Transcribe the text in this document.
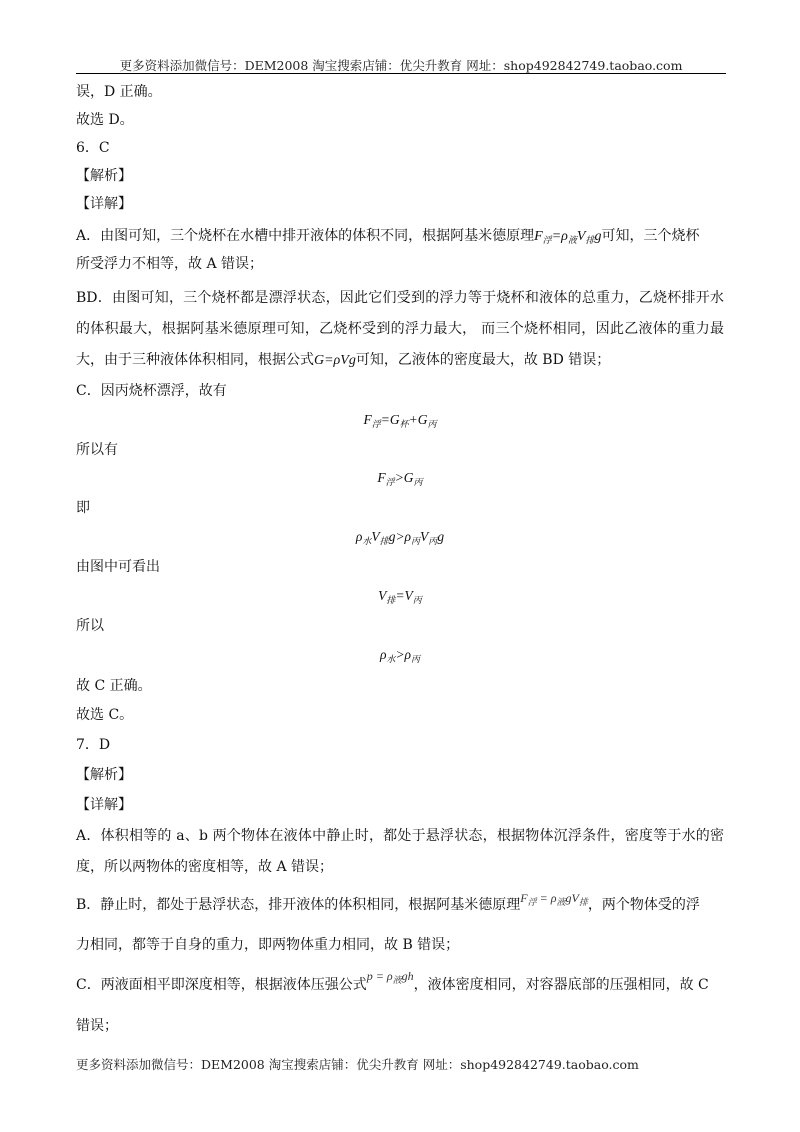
更多资料添加微信号：DEM2008 淘宝搜索店铺：优尖升教育 网址：shop492842749.taobao.com
误，D 正确。
故选 D。
6．C
【解析】
【详解】
A．由图可知，三个烧杯在水槽中排开液体的体积不同，根据阿基米德原理$F_浮=\rho_液V_排g$可知，三个烧杯
所受浮力不相等，故 A 错误；
BD．由图可知，三个烧杯都是漂浮状态，因此它们受到的浮力等于烧杯和液体的总重力，乙烧杯排开水
的体积最大，根据阿基米德原理可知，乙烧杯受到的浮力最大， 而三个烧杯相同，因此乙液体的重力最
大，由于三种液体体积相同，根据公式G=ρVg可知，乙液体的密度最大，故 BD 错误；
C．因丙烧杯漂浮，故有
$F_浮=G_杯+G_丙$
所以有
$F_浮>G_丙$
即
$\rho_水V_排g>\rho_丙V_丙g$
由图中可看出
$V_排=V_丙$
所以
$\rho_水>\rho_丙$
故 C 正确。
故选 C。
7．D
【解析】
【详解】
A．体积相等的 a、b 两个物体在液体中静止时，都处于悬浮状态，根据物体沉浮条件，密度等于水的密
度，所以两物体的密度相等，故 A 错误；
B．静止时，都处于悬浮状态，排开液体的体积相同，根据阿基米德原理$F_浮 = \rho_液gV_排$，两个物体受的浮
力相同，都等于自身的重力，即两物体重力相同，故 B 错误；
C．两液面相平即深度相等，根据液体压强公式$p = \rho_液gh$，液体密度相同，对容器底部的压强相同，故 C
错误；
更多资料添加微信号：DEM2008 淘宝搜索店铺：优尖升教育 网址：shop492842749.taobao.com
